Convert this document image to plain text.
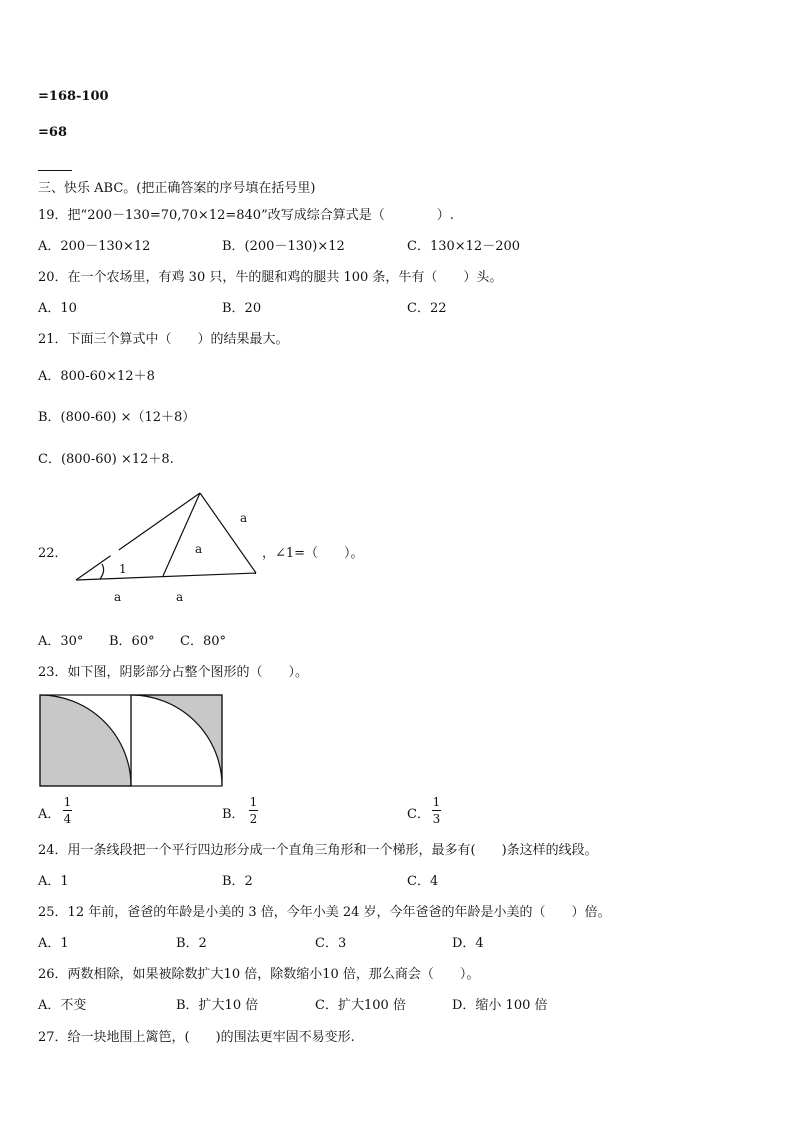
=168-100
=68
三、快乐 ABC。(把正确答案的序号填在括号里)
19．把“200－130=70,70×12=840”改写成综合算式是（　　　　）.
A．200－130×12	B．(200－130)×12	C．130×12－200
20．在一个农场里，有鸡 30 只，牛的腿和鸡的腿共 100 条，牛有（　　）头。
A．10	B．20	C．22
21．下面三个算式中（　　）的结果最大。
A．800-60×12＋8
B．(800-60) ×（12＋8）
C．(800-60) ×12＋8.
22．
1
a
a
a	a
，∠1=（　　）。
A．30° B．60° C．80°
23．如下图，阴影部分占整个图形的（　　）。
A．
1
4	B．
1
2	C．
1
3
24．用一条线段把一个平行四边形分成一个直角三角形和一个梯形，最多有(　　)条这样的线段。
A．1	B．2	C．4
25．12 年前，爸爸的年龄是小美的 3 倍，今年小美 24 岁，今年爸爸的年龄是小美的（　　）倍。
A．1	B．2	C．3	D．4
26．两数相除，如果被除数扩大10 倍，除数缩小10 倍，那么商会（　　）。
A．不变	B．扩大10 倍	C．扩大100 倍	D．缩小 100 倍
27．给一块地围上篱笆，(　　)的围法更牢固不易变形.
